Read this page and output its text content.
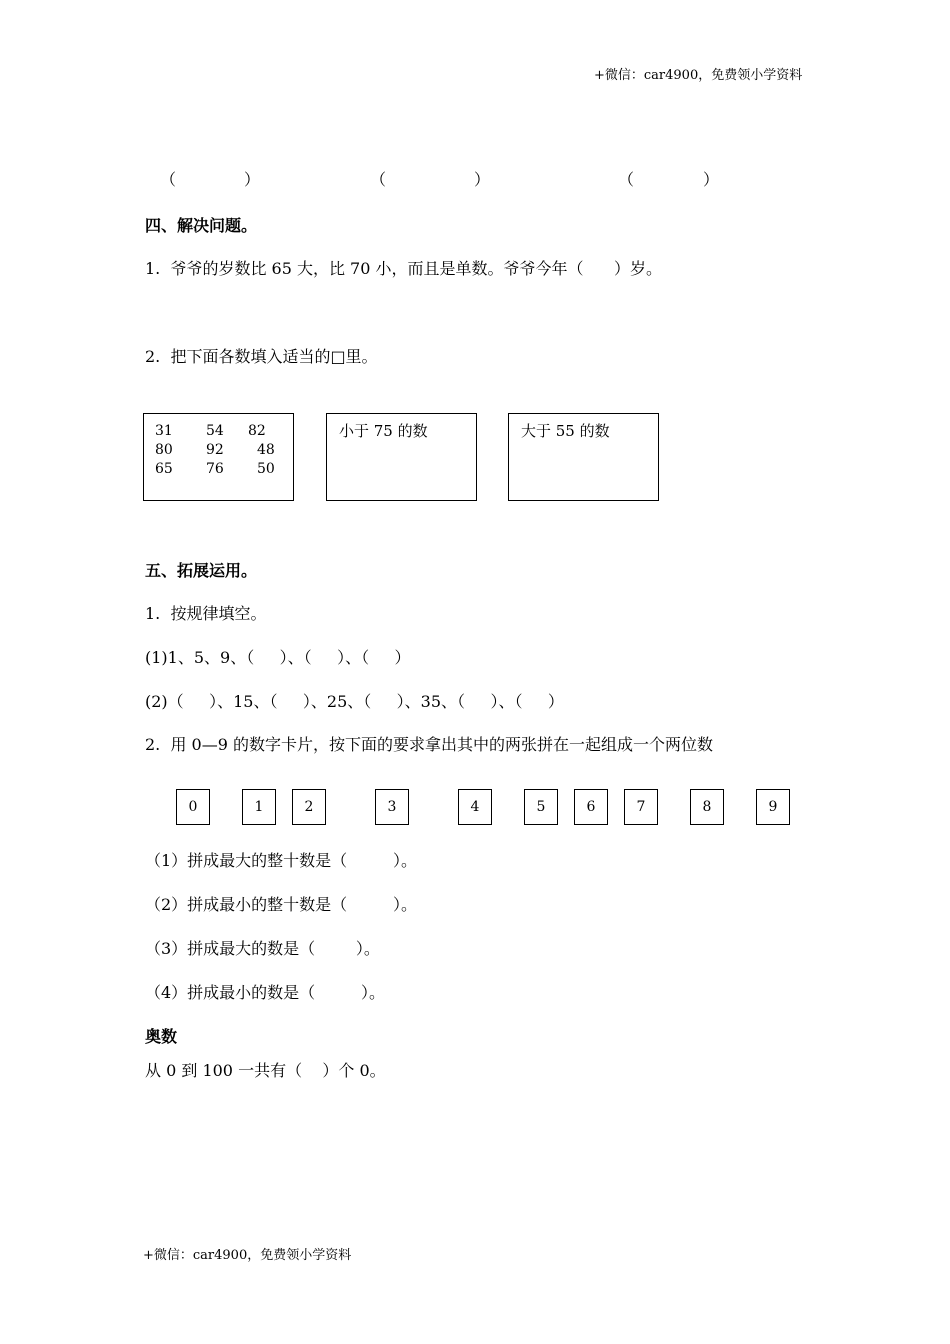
+微信：car4900，免费领小学资料
（	）	（	）	（	）
四、解决问题。
1.  爷爷的岁数比 65 大，比 70 小，而且是单数。爷爷今年（      ）岁。
2.  把下面各数填入适当的□里。
31 54 82
80 92 48
65 76 50
小于 75 的数	大于 55 的数
五、拓展运用。
1.  按规律填空。
(1)1、5、9、（     ）、（     ）、（     ）
(2)（     ）、15、（     ）、25、（     ）、35、（     ）、（     ）
2.  用 0—9 的数字卡片，按下面的要求拿出其中的两张拼在一起组成一个两位数
0	1	2	3	4	5	6	7	8	9
（1）拼成最大的整十数是（         ）。
（2）拼成最小的整十数是（         ）。
（3）拼成最大的数是（        ）。
（4）拼成最小的数是（         ）。
奥数
从 0 到 100 一共有（    ）个 0。
+微信：car4900，免费领小学资料
